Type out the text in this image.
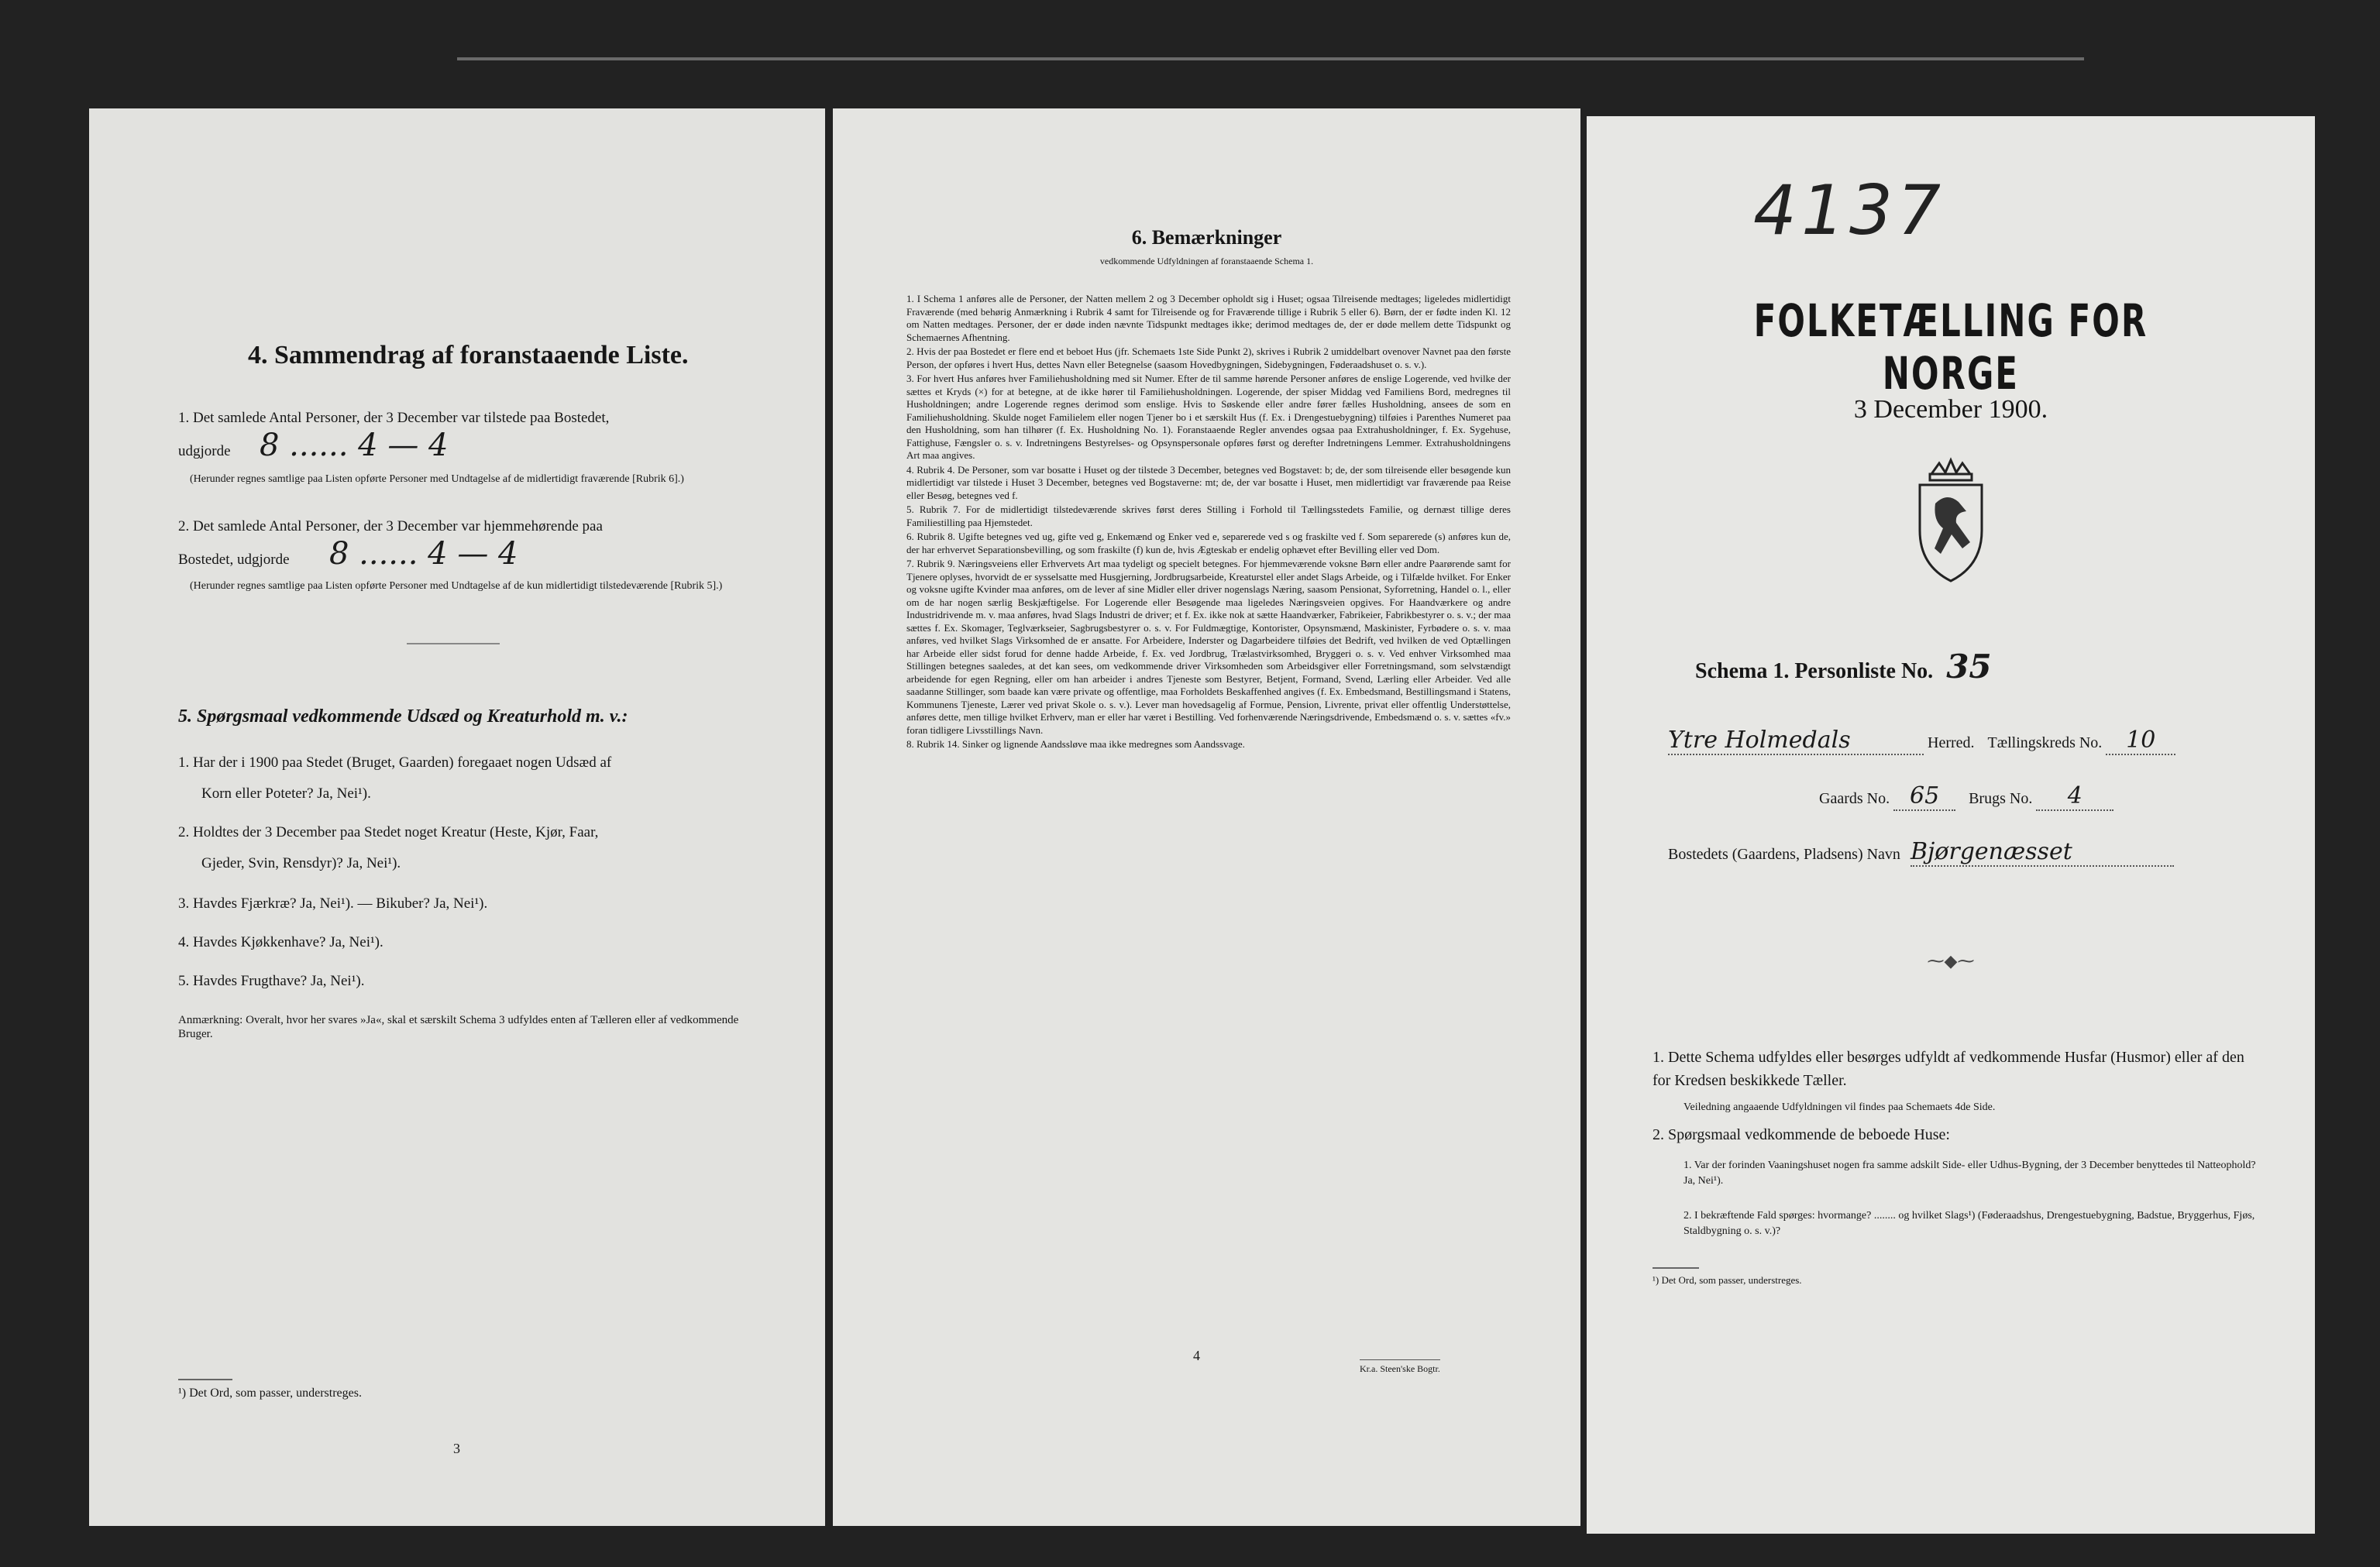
4. Sammendrag af foranstaaende Liste.
1. Det samlede Antal Personer, der 3 December var tilstede paa Bostedet,
udgjorde 8 ...... 4 — 4
(Herunder regnes samtlige paa Listen opførte Personer med Undtagelse af de midlertidigt fraværende [Rubrik 6].)
2. Det samlede Antal Personer, der 3 December var hjemmehørende paa
Bostedet, udgjorde 8 ...... 4 — 4
(Herunder regnes samtlige paa Listen opførte Personer med Undtagelse af de kun midlertidigt tilstedeværende [Rubrik 5].)
5. Spørgsmaal vedkommende Udsæd og Kreaturhold m. v.:
1. Har der i 1900 paa Stedet (Bruget, Gaarden) foregaaet nogen Udsæd af
Korn eller Poteter? Ja, Nei¹).
2. Holdtes der 3 December paa Stedet noget Kreatur (Heste, Kjør, Faar,
Gjeder, Svin, Rensdyr)? Ja, Nei¹).
3. Havdes Fjærkræ? Ja, Nei¹). — Bikuber? Ja, Nei¹).
4. Havdes Kjøkkenhave? Ja, Nei¹).
5. Havdes Frugthave? Ja, Nei¹).
Anmærkning: Overalt, hvor her svares »Ja«, skal et særskilt Schema 3 udfyldes enten af Tælleren eller af vedkommende Bruger.
¹) Det Ord, som passer, understreges.
3
6. Bemærkninger
vedkommende Udfyldningen af foranstaaende Schema 1.
1. I Schema 1 anføres alle de Personer, der Natten mellem 2 og 3 December opholdt sig i Huset; ogsaa Tilreisende medtages; ligeledes midlertidigt Fraværende (med behørig Anmærkning i Rubrik 4 samt for Tilreisende og for Fraværende tillige i Rubrik 5 eller 6). Børn, der er fødte inden Kl. 12 om Natten medtages. Personer, der er døde inden nævnte Tidspunkt medtages ikke; derimod medtages de, der er døde mellem dette Tidspunkt og Schemaernes Afhentning.
2. Hvis der paa Bostedet er flere end et beboet Hus (jfr. Schemaets 1ste Side Punkt 2), skrives i Rubrik 2 umiddelbart ovenover Navnet paa den første Person, der opføres i hvert Hus, dettes Navn eller Betegnelse (saasom Hovedbygningen, Sidebygningen, Føderaadshuset o. s. v.).
3. For hvert Hus anføres hver Familiehusholdning med sit Numer. Efter de til samme hørende Personer anføres de enslige Logerende, ved hvilke der sættes et Kryds (×) for at betegne, at de ikke hører til Familiehusholdningen. Logerende, der spiser Middag ved Familiens Bord, medregnes til Husholdningen; andre Logerende regnes derimod som enslige. Hvis to Søskende eller andre fører fælles Husholdning, ansees de som en Familiehusholdning. Skulde noget Familielem eller nogen Tjener bo i et særskilt Hus (f. Ex. i Drengestuebygning) tilføies i Parenthes Numeret paa den Husholdning, som han tilhører (f. Ex. Husholdning No. 1). Foranstaaende Regler anvendes ogsaa paa Extrahusholdninger, f. Ex. Sygehuse, Fattighuse, Fængsler o. s. v. Indretningens Bestyrelses- og Opsynspersonale opføres først og derefter Indretningens Lemmer. Extrahusholdningens Art maa angives.
4. Rubrik 4. De Personer, som var bosatte i Huset og der tilstede 3 December, betegnes ved Bogstavet: b; de, der som tilreisende eller besøgende kun midlertidigt var tilstede i Huset 3 December, betegnes ved Bogstaverne: mt; de, der var bosatte i Huset, men midlertidigt var fraværende paa Reise eller Besøg, betegnes ved f.
5. Rubrik 7. For de midlertidigt tilstedeværende skrives først deres Stilling i Forhold til Tællingsstedets Familie, og dernæst tillige deres Familiestilling paa Hjemstedet.
6. Rubrik 8. Ugifte betegnes ved ug, gifte ved g, Enkemænd og Enker ved e, separerede ved s og fraskilte ved f. Som separerede (s) anføres kun de, der har erhvervet Separationsbevilling, og som fraskilte (f) kun de, hvis Ægteskab er endelig ophævet efter Bevilling eller ved Dom.
7. Rubrik 9. Næringsveiens eller Erhvervets Art maa tydeligt og specielt betegnes. For hjemmeværende voksne Børn eller andre Paarørende samt for Tjenere oplyses, hvorvidt de er sysselsatte med Husgjerning, Jordbrugsarbeide, Kreaturstel eller andet Slags Arbeide, og i Tilfælde hvilket. For Enker og voksne ugifte Kvinder maa anføres, om de lever af sine Midler eller driver nogenslags Næring, saasom Pensionat, Syforretning, Handel o. l., eller om de har nogen særlig Beskjæftigelse. For Logerende eller Besøgende maa ligeledes Næringsveien opgives. For Haandværkere og andre Industridrivende m. v. maa anføres, hvad Slags Industri de driver; et f. Ex. ikke nok at sætte Haandværker, Fabrikeier, Fabrikbestyrer o. s. v.; der maa sættes f. Ex. Skomager, Teglværkseier, Sagbrugsbestyrer o. s. v. For Fuldmægtige, Kontorister, Opsynsmænd, Maskinister, Fyrbødere o. s. v. maa anføres, ved hvilket Slags Virksomhed de er ansatte. For Arbeidere, Inderster og Dagarbeidere tilføies det Bedrift, ved hvilken de ved Optællingen har Arbeide eller sidst forud for denne hadde Arbeide, f. Ex. ved Jordbrug, Trælastvirksomhed, Bryggeri o. s. v. Ved enhver Virksomhed maa Stillingen betegnes saaledes, at det kan sees, om vedkommende driver Virksomheden som Arbeidsgiver eller Forretningsmand, som selvstændigt arbeidende for egen Regning, eller om han arbeider i andres Tjeneste som Bestyrer, Betjent, Formand, Svend, Lærling eller Arbeider. Ved alle saadanne Stillinger, som baade kan være private og offentlige, maa Forholdets Beskaffenhed angives (f. Ex. Embedsmand, Bestillingsmand i Statens, Kommunens Tjeneste, Lærer ved privat Skole o. s. v.). Lever man hovedsagelig af Formue, Pension, Livrente, privat eller offentlig Understøttelse, anføres dette, men tillige hvilket Erhverv, man er eller har været i Bestilling. Ved forhenværende Næringsdrivende, Embedsmænd o. s. v. sættes «fv.» foran tidligere Livsstillings Navn.
8. Rubrik 14. Sinker og lignende Aandssløve maa ikke medregnes som Aandssvage.
4
Kr.a. Steen'ske Bogtr.
4137
FOLKETÆLLING FOR NORGE
3 December 1900.
Schema 1. Personliste No. 35
Ytre Holmedals	Herred. Tællingskreds No. 10
Gaards No. 65 Brugs No. 4
Bostedets (Gaardens, Pladsens) Navn Bjørgenæsset
⁓◆⁓
1. Dette Schema udfyldes eller besørges udfyldt af vedkommende Husfar (Husmor) eller af den for Kredsen beskikkede Tæller.
Veiledning angaaende Udfyldningen vil findes paa Schemaets 4de Side.
2. Spørgsmaal vedkommende de beboede Huse:
1. Var der forinden Vaaningshuset nogen fra samme adskilt Side- eller Udhus-Bygning, der 3 December benyttedes til Natteophold? Ja, Nei¹).
2. I bekræftende Fald spørges: hvormange? ........ og hvilket Slags¹) (Føderaadshus, Drengestuebygning, Badstue, Bryggerhus, Fjøs, Staldbygning o. s. v.)?
¹) Det Ord, som passer, understreges.
